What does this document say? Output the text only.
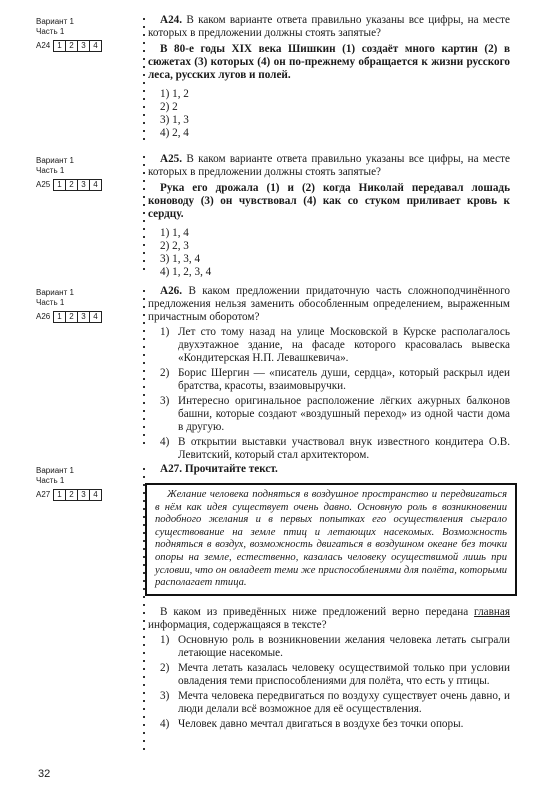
Вариант 1
Часть 1
А24 1 2 3 4
Вариант 1
Часть 1
А25 1 2 3 4
Вариант 1
Часть 1
А26 1 2 3 4
Вариант 1
Часть 1
А27 1 2 3 4
А24. В каком варианте ответа правильно указаны все цифры, на месте которых в предложении должны стоять запятые?
В 80-е годы XIX века Шишкин (1) создаёт много картин (2) в сюжетах (3) которых (4) он по-прежнему обращается к жизни русского леса, русских лугов и полей.
1) 1, 2
2) 2
3) 1, 3
4) 2, 4
А25. В каком варианте ответа правильно указаны все цифры, на месте которых в предложении должны стоять запятые?
Рука его дрожала (1) и (2) когда Николай передавал лошадь коноводу (3) он чувствовал (4) как со стуком приливает кровь к сердцу.
1) 1, 4
2) 2, 3
3) 1, 3, 4
4) 1, 2, 3, 4
А26. В каком предложении придаточную часть сложноподчинённого предложения нельзя заменить обособленным определением, выраженным причастным оборотом?
1) Лет сто тому назад на улице Московской в Курске располагалось двухэтажное здание, на фасаде которого красовалась вывеска «Кондитерская Н.П. Левашкевича».
2) Борис Шергин — «писатель души, сердца», который раскрыл идеи братства, красоты, взаимовыручки.
3) Интересно оригинальное расположение лёгких ажурных балконов башни, которые создают «воздушный переход» из одной части дома в другую.
4) В открытии выставки участвовал внук известного кондитера О.В. Левитский, который стал архитектором.
А27. Прочитайте текст.
Желание человека подняться в воздушное пространство и передвигаться в нём как идея существует очень давно. Основную роль в возникновении подобного желания и в первых попытках его осуществления сыграло существование на земле птиц и летающих насекомых. Возможность подняться в воздух, возможность двигаться в воздушном океане без точки опоры на земле, естественно, казалась человеку осуществимой лишь при условии, что он овладеет теми же приспособлениями для полёта, которыми располагает птица.
В каком из приведённых ниже предложений верно передана главная информация, содержащаяся в тексте?
1) Основную роль в возникновении желания человека летать сыграли летающие насекомые.
2) Мечта летать казалась человеку осуществимой только при условии овладения теми приспособлениями для полёта, что есть у птицы.
3) Мечта человека передвигаться по воздуху существует очень давно, и люди делали всё возможное для её осуществления.
4) Человек давно мечтал двигаться в воздухе без точки опоры.
32
